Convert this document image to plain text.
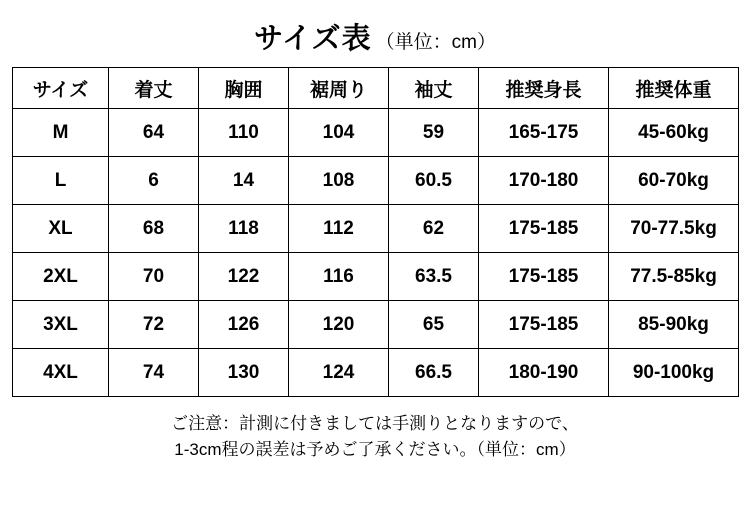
サイズ表 （単位：cm）
サイズ	着丈	胸囲	裾周り	袖丈	推奨身長	推奨体重
M	64	110	104	59	165-175	45-60kg
L	6	14	108	60.5	170-180	60-70kg
XL	68	118	112	62	175-185	70-77.5kg
2XL	70	122	116	63.5	175-185	77.5-85kg
3XL	72	126	120	65	175-185	85-90kg
4XL	74	130	124	66.5	180-190	90-100kg
ご注意：計測に付きましては手測りとなりますので、
1-3cm程の誤差は予めご了承ください。（単位：cm）
